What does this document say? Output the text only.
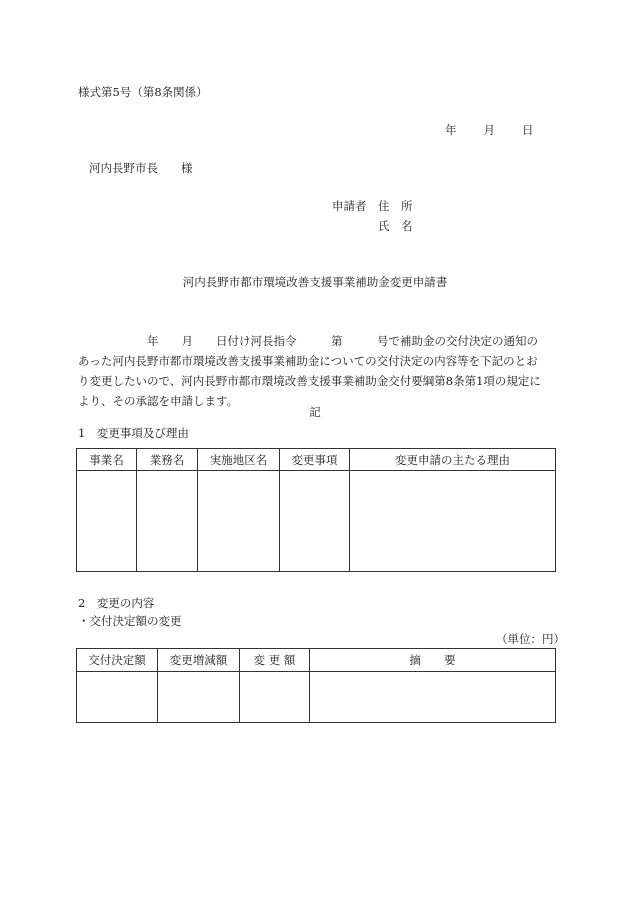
様式第5号（第8条関係）
年 月 日
河内長野市長　　様
申請者　 住　所
氏　名
河内長野市都市環境改善支援事業補助金変更申請書
　　　　　　年　　月　　日付け河長指令　　　第　　　号で補助金の交付決定の通知の
あった河内長野市都市環境改善支援事業補助金についての交付決定の内容等を下記のとお
り変更したいので、河内長野市都市環境改善支援事業補助金交付要綱第8条第1項の規定に
より、その承認を申請します。
記
1　変更事項及び理由
事業名	業務名	実施地区名	変更事項	変更申請の主たる理由

2　変更の内容
・交付決定額の変更
（単位：円）
交付決定額	変更増減額	変 更 額	摘　　要
